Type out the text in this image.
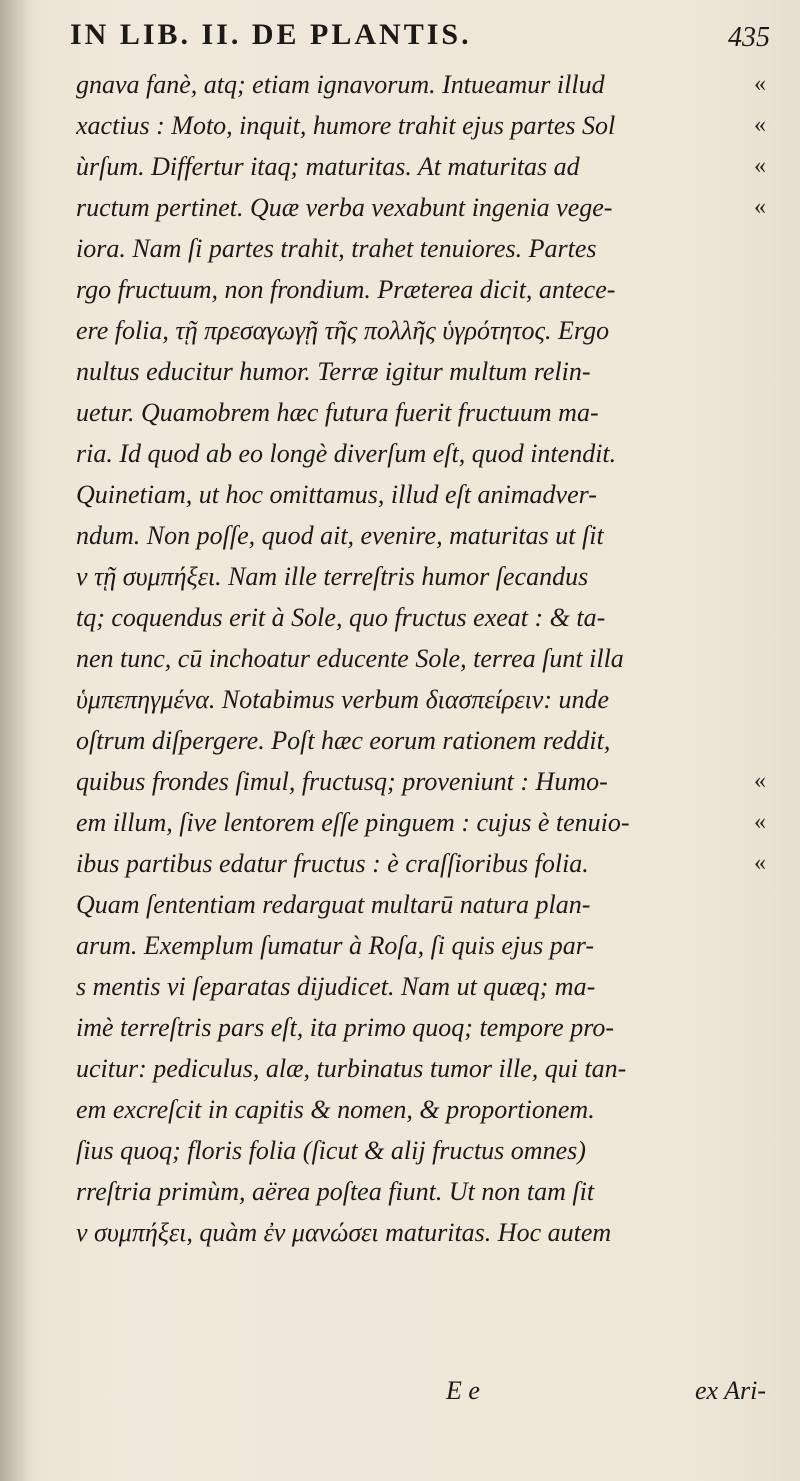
IN LIB. II. DE PLANTIS.	435
gnava fanè, atq; etiam ignavorum. Intueamur illud	«
xactius : Moto, inquit, humore trahit ejus partes Sol	«
ùrſum. Differtur itaq; maturitas. At maturitas ad	«
ructum pertinet. Quæ verba vexabunt ingenia vege-	«
iora. Nam ſi partes trahit, trahet tenuiores. Partes
rgo fructuum, non frondium. Præterea dicit, antece-
ere folia, τῇ πρεσαγωγῇ τῆς πολλῆς ὑγρότητος. Ergo
nultus educitur humor. Terræ igitur multum relin-
uetur. Quamobrem hæc futura fuerit fructuum ma-
ria. Id quod ab eo longè diverſum eſt, quod intendit.
Quinetiam, ut hoc omittamus, illud eſt animadver-
ndum. Non poſſe, quod ait, evenire, maturitas ut ſit
ν τῇ συμπήξει. Nam ille terreſtris humor ſecandus
tq; coquendus erit à Sole, quo fructus exeat : & ta-
nen tunc, cū inchoatur educente Sole, terrea ſunt illa
ὑμπεπηγμένα. Notabimus verbum διασπείρειν: unde
oſtrum diſpergere. Poſt hæc eorum rationem reddit,
quibus frondes ſimul, fructusq; proveniunt : Humo-	«
em illum, ſive lentorem eſſe pinguem : cujus è tenuio-	«
ibus partibus edatur fructus : è craſſioribus folia.	«
Quam ſententiam redarguat multarū natura plan-
arum. Exemplum ſumatur à Roſa, ſi quis ejus par-
s mentis vi ſeparatas dijudicet. Nam ut quæq; ma-
imè terreſtris pars eſt, ita primo quoq; tempore pro-
ucitur: pediculus, alæ, turbinatus tumor ille, qui tan-
em excreſcit in capitis & nomen, & proportionem.
ſius quoq; floris folia (ſicut & alij fructus omnes)
rreſtria primùm, aërea poſtea fiunt. Ut non tam ſit
ν συμπήξει, quàm ἐν μανώσει maturitas. Hoc autem
E e	ex Ari-
